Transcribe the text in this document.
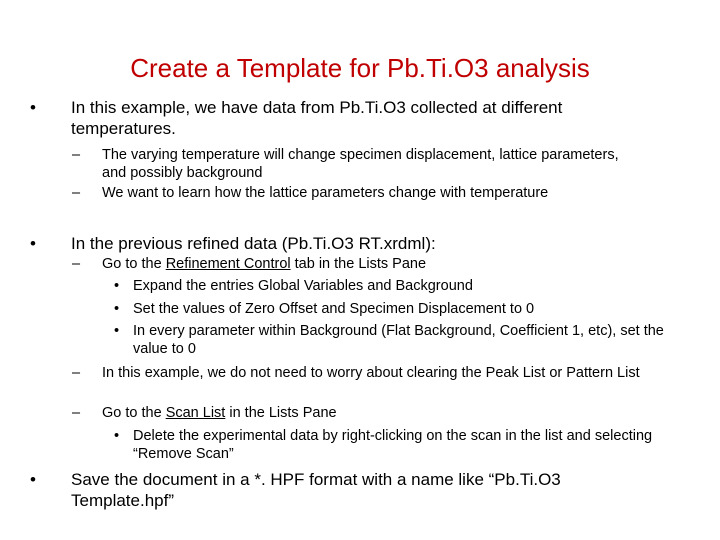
Create a Template for Pb.Ti.O3 analysis
•	In this example, we have data from Pb.Ti.O3 collected at different temperatures.
–	The varying temperature will change specimen displacement, lattice parameters, and possibly background
–	We want to learn how the lattice parameters change with temperature
•	In the previous refined data (Pb.Ti.O3 RT.xrdml):
–	Go to the Refinement Control tab in the Lists Pane
• Expand the entries Global Variables and Background
• Set the values of Zero Offset and Specimen Displacement to 0
• In every parameter within Background (Flat Background, Coefficient 1, etc), set the value to 0
–	In this example, we do not need to worry about clearing the Peak List or Pattern List
–	Go to the Scan List in the Lists Pane
• Delete the experimental data by right-clicking on the scan in the list and selecting “Remove Scan”
•	Save the document in a *. HPF format with a name like “Pb.Ti.O3 Template.hpf”
